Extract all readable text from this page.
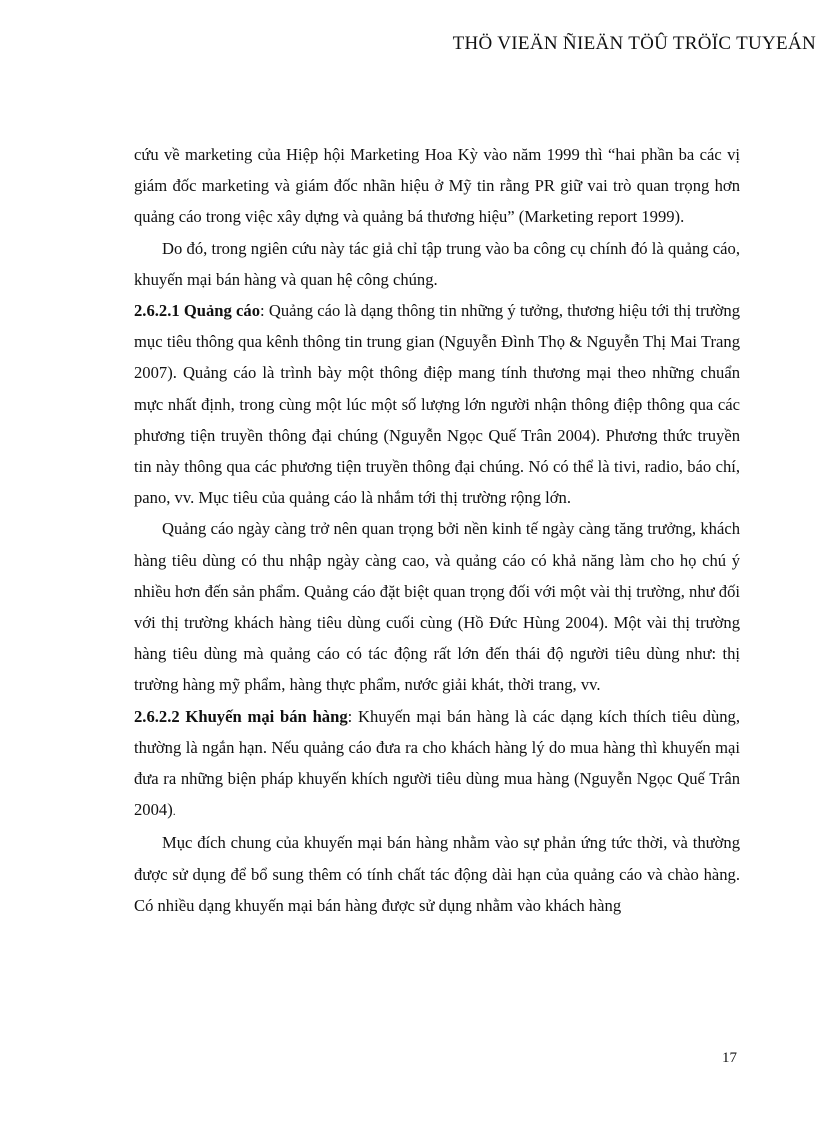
THÖ VIEÄN ÑIEÄN TÖÛ TRÖÏC TUYEÁN

cứu về marketing của Hiệp hội Marketing Hoa Kỳ vào năm 1999 thì “hai phần ba các vị giám đốc marketing và giám đốc nhãn hiệu ở Mỹ tin rằng PR giữ vai trò quan trọng hơn quảng cáo trong việc xây dựng và quảng bá thương hiệu” (Marketing report 1999).

Do đó, trong ngiên cứu này tác giả chỉ tập trung vào ba công cụ chính đó là quảng cáo, khuyến mại bán hàng và quan hệ công chúng.

2.6.2.1 Quảng cáo: Quảng cáo là dạng thông tin những ý tưởng, thương hiệu tới thị trường mục tiêu thông qua kênh thông tin trung gian (Nguyễn Đình Thọ & Nguyễn Thị Mai Trang 2007). Quảng cáo là trình bày một thông điệp mang tính thương mại theo những chuẩn mực nhất định, trong cùng một lúc một số lượng lớn người nhận thông điệp thông qua các phương tiện truyền thông đại chúng (Nguyễn Ngọc Quế Trân 2004). Phương thức truyền tin này thông qua các phương tiện truyền thông đại chúng. Nó có thể là tivi, radio, báo chí, pano, vv. Mục tiêu của quảng cáo là nhắm tới thị trường rộng lớn.

Quảng cáo ngày càng trở nên quan trọng bởi nền kinh tế ngày càng tăng trưởng, khách hàng tiêu dùng có thu nhập ngày càng cao, và quảng cáo có khả năng làm cho họ chú ý nhiều hơn đến sản phẩm. Quảng cáo đặt biệt quan trọng đối với một vài thị trường, như đối với thị trường khách hàng tiêu dùng cuối cùng (Hồ Đức Hùng 2004). Một vài thị trường hàng tiêu dùng mà quảng cáo có tác động rất lớn đến thái độ người tiêu dùng như: thị trường hàng mỹ phẩm, hàng thực phẩm, nước giải khát, thời trang, vv.

2.6.2.2 Khuyến mại bán hàng: Khuyến mại bán hàng là các dạng kích thích tiêu dùng, thường là ngắn hạn. Nếu quảng cáo đưa ra cho khách hàng lý do mua hàng thì khuyến mại đưa ra những biện pháp khuyến khích người tiêu dùng mua hàng (Nguyễn Ngọc Quế Trân 2004).

Mục đích chung của khuyến mại bán hàng nhằm vào sự phản ứng tức thời, và thường được sử dụng để bổ sung thêm có tính chất tác động dài hạn của quảng cáo và chào hàng. Có nhiều dạng khuyến mại bán hàng được sử dụng nhằm vào khách hàng

17
